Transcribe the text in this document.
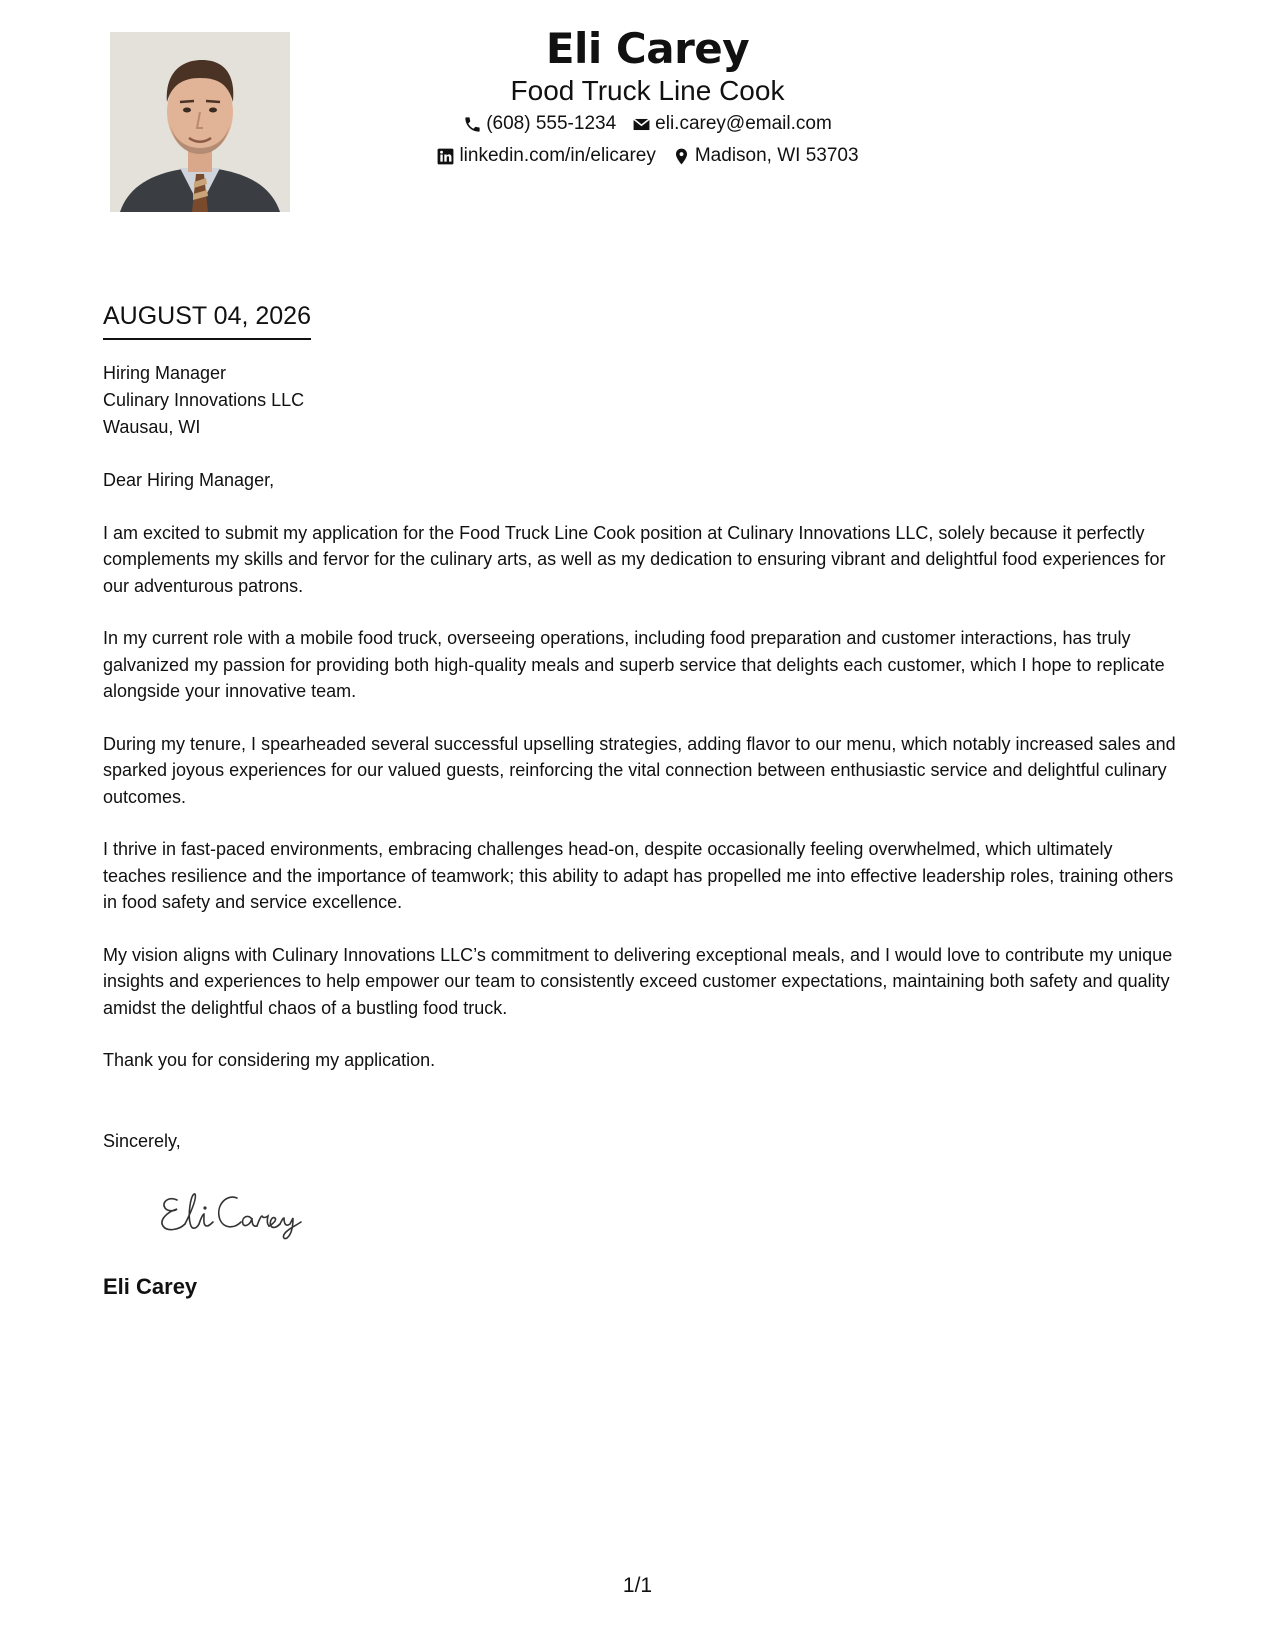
Eli Carey
Food Truck Line Cook
(608) 555-1234 eli.carey@email.com
linkedin.com/in/elicarey Madison, WI 53703
AUGUST 04, 2026
Hiring Manager
Culinary Innovations LLC
Wausau, WI

Dear Hiring Manager,

I am excited to submit my application for the Food Truck Line Cook position at Culinary Innovations LLC, solely because it perfectly complements my skills and fervor for the culinary arts, as well as my dedication to ensuring vibrant and delightful food experiences for our adventurous patrons.

In my current role with a mobile food truck, overseeing operations, including food preparation and customer interactions, has truly galvanized my passion for providing both high-quality meals and superb service that delights each customer, which I hope to replicate alongside your innovative team.

During my tenure, I spearheaded several successful upselling strategies, adding flavor to our menu, which notably increased sales and sparked joyous experiences for our valued guests, reinforcing the vital connection between enthusiastic service and delightful culinary outcomes.

I thrive in fast-paced environments, embracing challenges head-on, despite occasionally feeling overwhelmed, which ultimately teaches resilience and the importance of teamwork; this ability to adapt has propelled me into effective leadership roles, training others in food safety and service excellence.

My vision aligns with Culinary Innovations LLC’s commitment to delivering exceptional meals, and I would love to contribute my unique insights and experiences to help empower our team to consistently exceed customer expectations, maintaining both safety and quality amidst the delightful chaos of a bustling food truck.

Thank you for considering my application.

Sincerely,
Eli Carey
1/1
